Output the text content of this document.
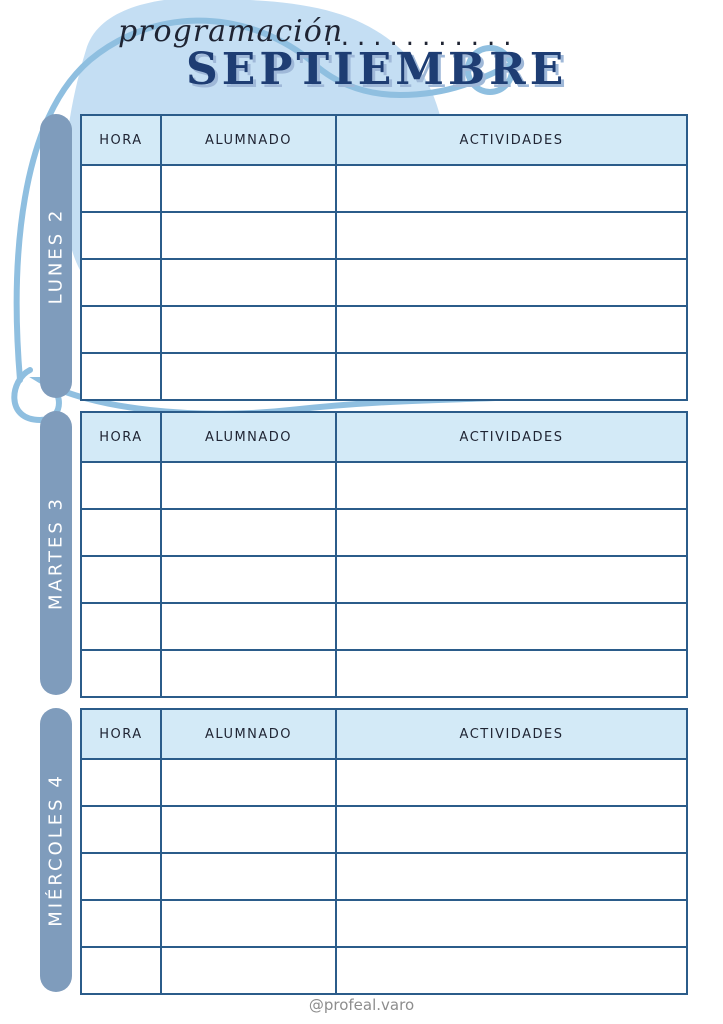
programación
............
SEPTIEMBRE
LUNES 2
HORA	ALUMNADO	ACTIVIDADES

MARTES 3
HORA	ALUMNADO	ACTIVIDADES

MIÉRCOLES 4
HORA	ALUMNADO	ACTIVIDADES

@profeal.varo
